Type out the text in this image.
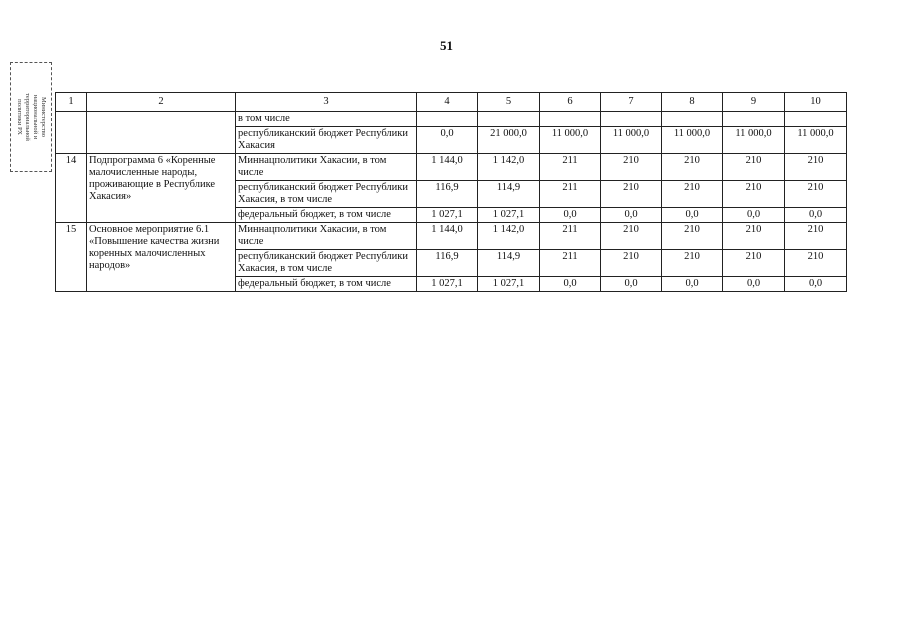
51
Министерство
национальной и
территориальной
политики РХ	1	2	3	4	5	6	7	8	9	10
		в том числе							
		республиканский бюджет Республики Хакасия	0,0	21 000,0	11 000,0	11 000,0	11 000,0	11 000,0	11 000,0
14	Подпрограмма 6 «Коренные малочисленные народы, проживающие в Республике Хакасия»	Миннацполитики Хакасии, в том числе	1 144,0	1 142,0	211	210	210	210	210
		республиканский бюджет Республики Хакасия, в том числе	116,9	114,9	211	210	210	210	210
		федеральный бюджет, в том числе	1 027,1	1 027,1	0,0	0,0	0,0	0,0	0,0
15	Основное мероприятие 6.1 «Повышение качества жизни коренных малочисленных народов»	Миннацполитики Хакасии, в том числе	1 144,0	1 142,0	211	210	210	210	210
		республиканский бюджет Республики Хакасия, в том числе	116,9	114,9	211	210	210	210	210
		федеральный бюджет, в том числе	1 027,1	1 027,1	0,0	0,0	0,0	0,0	0,0
